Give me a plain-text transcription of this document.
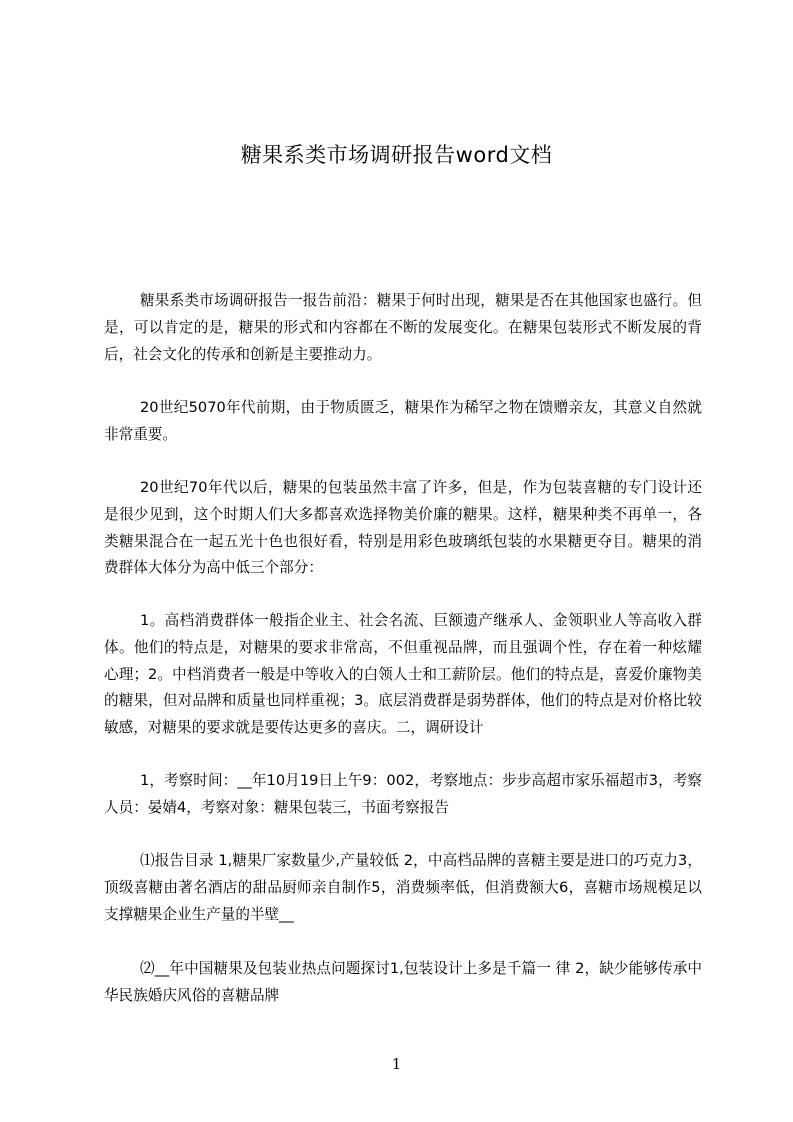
糖果系类市场调研报告word文档

糖果系类市场调研报告一报告前沿：糖果于何时出现，糖果是否在其他国家也盛行。但是，可以肯定的是，糖果的形式和内容都在不断的发展变化。在糖果包装形式不断发展的背后，社会文化的传承和创新是主要推动力。

20世纪5070年代前期，由于物质匮乏，糖果作为稀罕之物在馈赠亲友，其意义自然就非常重要。

20世纪70年代以后，糖果的包装虽然丰富了许多，但是，作为包装喜糖的专门设计还是很少见到，这个时期人们大多都喜欢选择物美价廉的糖果。这样，糖果种类不再单一，各类糖果混合在一起五光十色也很好看，特别是用彩色玻璃纸包装的水果糖更夺目。糖果的消费群体大体分为高中低三个部分：

1。高档消费群体一般指企业主、社会名流、巨额遗产继承人、金领职业人等高收入群体。他们的特点是，对糖果的要求非常高，不但重视品牌，而且强调个性，存在着一种炫耀心理；2。中档消费者一般是中等收入的白领人士和工薪阶层。他们的特点是，喜爱价廉物美的糖果，但对品牌和质量也同样重视；3。底层消费群是弱势群体，他们的特点是对价格比较敏感，对糖果的要求就是要传达更多的喜庆。二，调研设计

1，考察时间：__年10月19日上午9：002，考察地点：步步高超市家乐福超市3，考察人员：晏婧4，考察对象：糖果包装三，书面考察报告

⑴报告目录 1,糖果厂家数量少,产量较低 2，中高档品牌的喜糖主要是进口的巧克力3，顶级喜糖由著名酒店的甜品厨师亲自制作5，消费频率低，但消费额大6，喜糖市场规模足以支撑糖果企业生产量的半壁__

⑵__年中国糖果及包装业热点问题探讨1,包装设计上多是千篇一 律 2，缺少能够传承中华民族婚庆风俗的喜糖品牌

1
